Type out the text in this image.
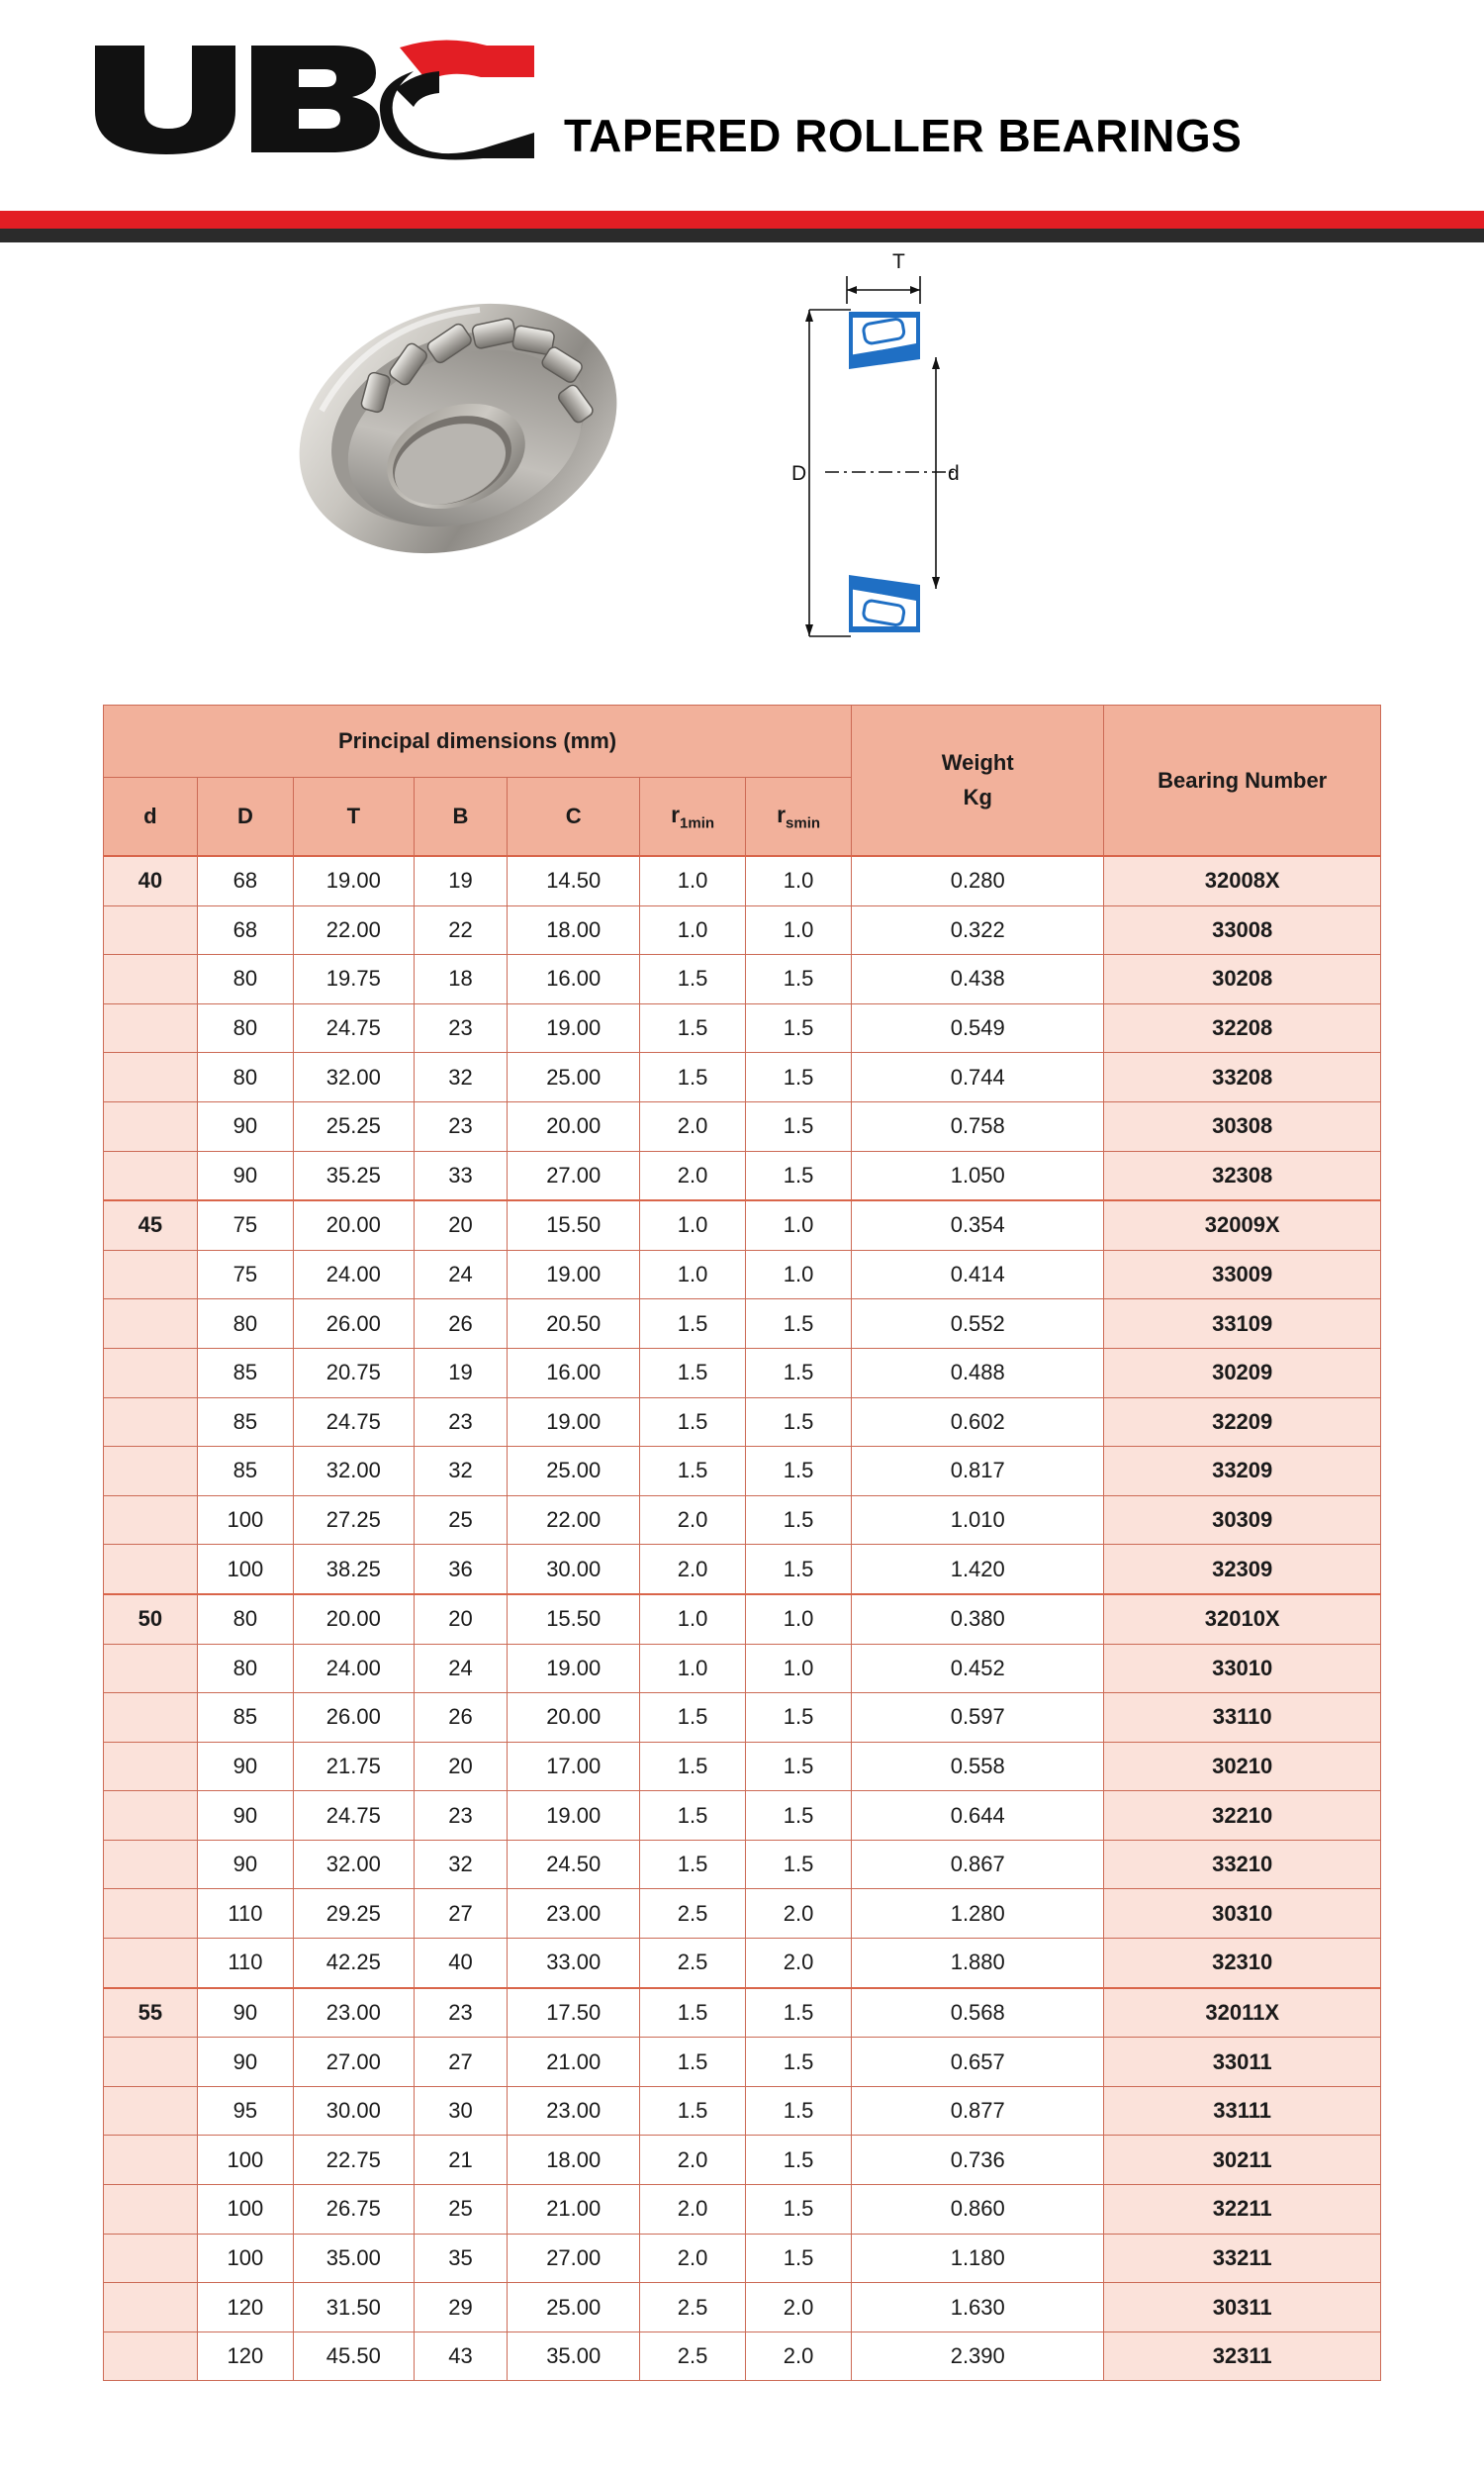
TAPERED ROLLER BEARINGS
T
D	d
Principal dimensions (mm)							Weight
Kg	Bearing Number
d	D	T	B	C	$r_{1min}$	$r_{smin}$
40	68	19.00	19	14.50	1.0	1.0	0.280	32008X
	68	22.00	22	18.00	1.0	1.0	0.322	33008
	80	19.75	18	16.00	1.5	1.5	0.438	30208
	80	24.75	23	19.00	1.5	1.5	0.549	32208
	80	32.00	32	25.00	1.5	1.5	0.744	33208
	90	25.25	23	20.00	2.0	1.5	0.758	30308
	90	35.25	33	27.00	2.0	1.5	1.050	32308
45	75	20.00	20	15.50	1.0	1.0	0.354	32009X
	75	24.00	24	19.00	1.0	1.0	0.414	33009
	80	26.00	26	20.50	1.5	1.5	0.552	33109
	85	20.75	19	16.00	1.5	1.5	0.488	30209
	85	24.75	23	19.00	1.5	1.5	0.602	32209
	85	32.00	32	25.00	1.5	1.5	0.817	33209
	100	27.25	25	22.00	2.0	1.5	1.010	30309
	100	38.25	36	30.00	2.0	1.5	1.420	32309
50	80	20.00	20	15.50	1.0	1.0	0.380	32010X
	80	24.00	24	19.00	1.0	1.0	0.452	33010
	85	26.00	26	20.00	1.5	1.5	0.597	33110
	90	21.75	20	17.00	1.5	1.5	0.558	30210
	90	24.75	23	19.00	1.5	1.5	0.644	32210
	90	32.00	32	24.50	1.5	1.5	0.867	33210
	110	29.25	27	23.00	2.5	2.0	1.280	30310
	110	42.25	40	33.00	2.5	2.0	1.880	32310
55	90	23.00	23	17.50	1.5	1.5	0.568	32011X
	90	27.00	27	21.00	1.5	1.5	0.657	33011
	95	30.00	30	23.00	1.5	1.5	0.877	33111
	100	22.75	21	18.00	2.0	1.5	0.736	30211
	100	26.75	25	21.00	2.0	1.5	0.860	32211
	100	35.00	35	27.00	2.0	1.5	1.180	33211
	120	31.50	29	25.00	2.5	2.0	1.630	30311
	120	45.50	43	35.00	2.5	2.0	2.390	32311
